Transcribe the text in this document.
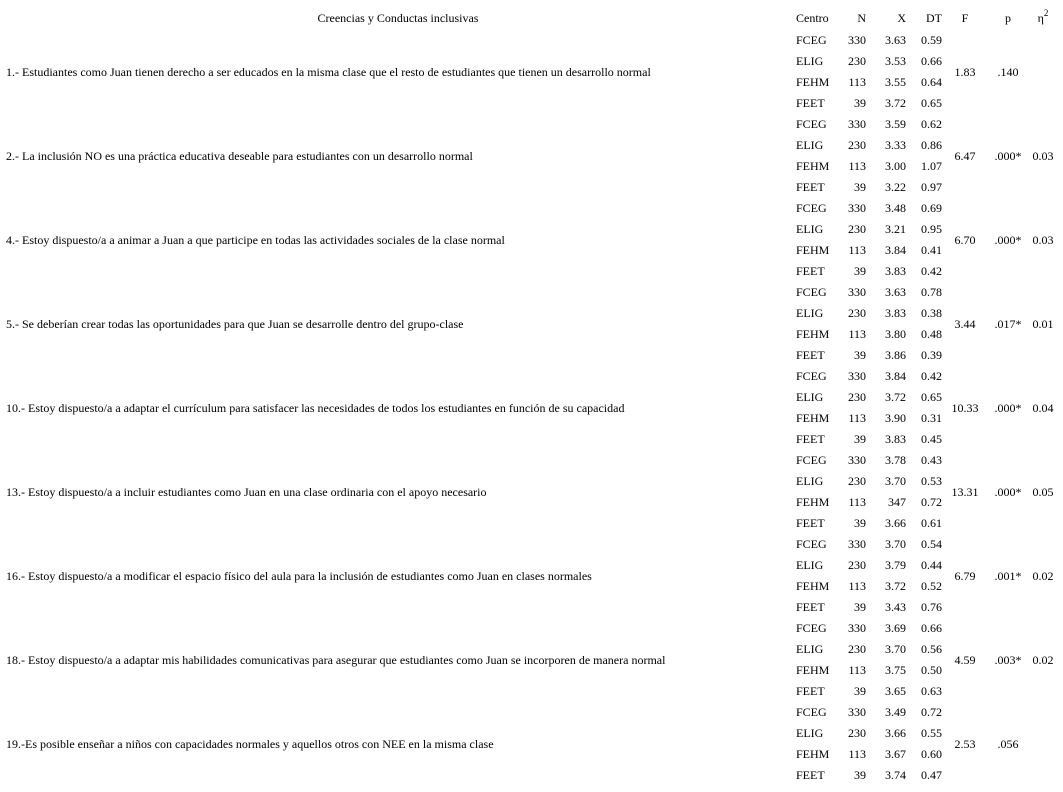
Creencias y Conductas inclusivas	Centro	N	X	DT	F	p	$\eta^2$
1.- Estudiantes como Juan tienen derecho a ser educados en la misma clase que el resto de estudiantes que tienen un desarrollo normal	FCEG	330	3.63	0.59	1.83	.140	
	ELIG	230	3.53	0.66			
	FEHM	113	3.55	0.64			
	FEET	39	3.72	0.65			
2.- La inclusión NO es una práctica educativa deseable para estudiantes con un desarrollo normal	FCEG	330	3.59	0.62	6.47	.000*	0.03
	ELIG	230	3.33	0.86			
	FEHM	113	3.00	1.07			
	FEET	39	3.22	0.97			
4.- Estoy dispuesto/a a animar a Juan a que participe en todas las actividades sociales de la clase normal	FCEG	330	3.48	0.69	6.70	.000*	0.03
	ELIG	230	3.21	0.95			
	FEHM	113	3.84	0.41			
	FEET	39	3.83	0.42			
5.- Se deberían crear todas las oportunidades para que Juan se desarrolle dentro del grupo-clase	FCEG	330	3.63	0.78	3.44	.017*	0.01
	ELIG	230	3.83	0.38			
	FEHM	113	3.80	0.48			
	FEET	39	3.86	0.39			
10.- Estoy dispuesto/a a adaptar el currículum para satisfacer las necesidades de todos los estudiantes en función de su capacidad	FCEG	330	3.84	0.42	10.33	.000*	0.04
	ELIG	230	3.72	0.65			
	FEHM	113	3.90	0.31			
	FEET	39	3.83	0.45			
13.- Estoy dispuesto/a a incluir estudiantes como Juan en una clase ordinaria con el apoyo necesario	FCEG	330	3.78	0.43	13.31	.000*	0.05
	ELIG	230	3.70	0.53			
	FEHM	113	347	0.72			
	FEET	39	3.66	0.61			
16.- Estoy dispuesto/a a modificar el espacio físico del aula para la inclusión de estudiantes como Juan en clases normales	FCEG	330	3.70	0.54	6.79	.001*	0.02
	ELIG	230	3.79	0.44			
	FEHM	113	3.72	0.52			
	FEET	39	3.43	0.76			
18.- Estoy dispuesto/a a adaptar mis habilidades comunicativas para asegurar que estudiantes como Juan se incorporen de manera normal	FCEG	330	3.69	0.66	4.59	.003*	0.02
	ELIG	230	3.70	0.56			
	FEHM	113	3.75	0.50			
	FEET	39	3.65	0.63			
19.-Es posible enseñar a niños con capacidades normales y aquellos otros con NEE en la misma clase	FCEG	330	3.49	0.72	2.53	.056	
	ELIG	230	3.66	0.55			
	FEHM	113	3.67	0.60			
	FEET	39	3.74	0.47			
